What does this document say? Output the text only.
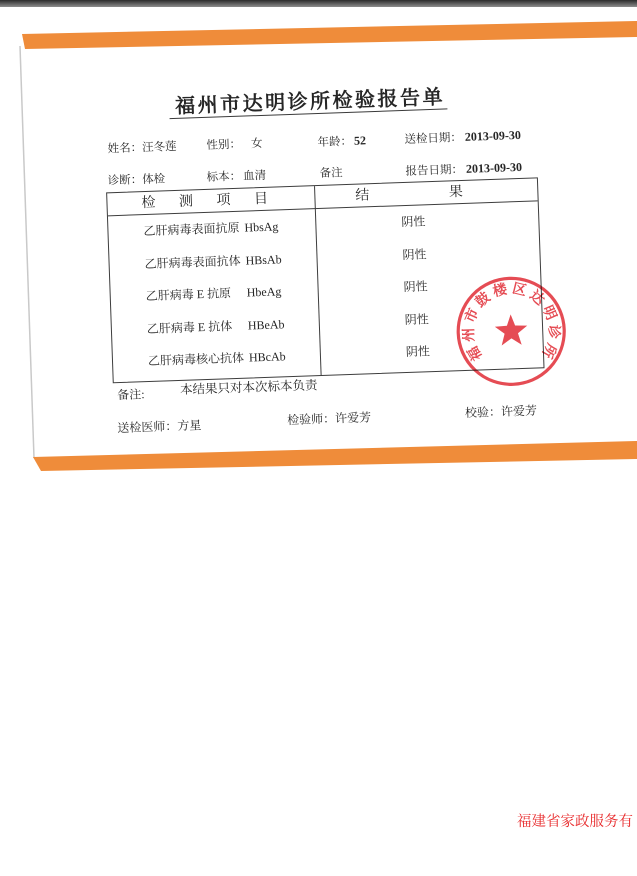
福州市达明诊所检验报告单
姓名：汪冬莲	性别： 女	年龄： 52	送检日期： 2013-09-30
诊断：体检	标本： 血清	备注	报告日期： 2013-09-30
检 测 项 目	结 果
乙肝病毒表面抗原 HbsAg	阴性
乙肝病毒表面抗体 HBsAb	阴性
乙肝病毒 E 抗原 HbeAg	阴性
乙肝病毒 E 抗体 HBeAb	阴性
乙肝病毒核心抗体 HBcAb	阴性
备注:	本结果只对本次标本负责
送检医师：方星	检验师：许爱芳	校验：许爱芳
福州市鼓楼区达明诊所
福建省家政服务有
